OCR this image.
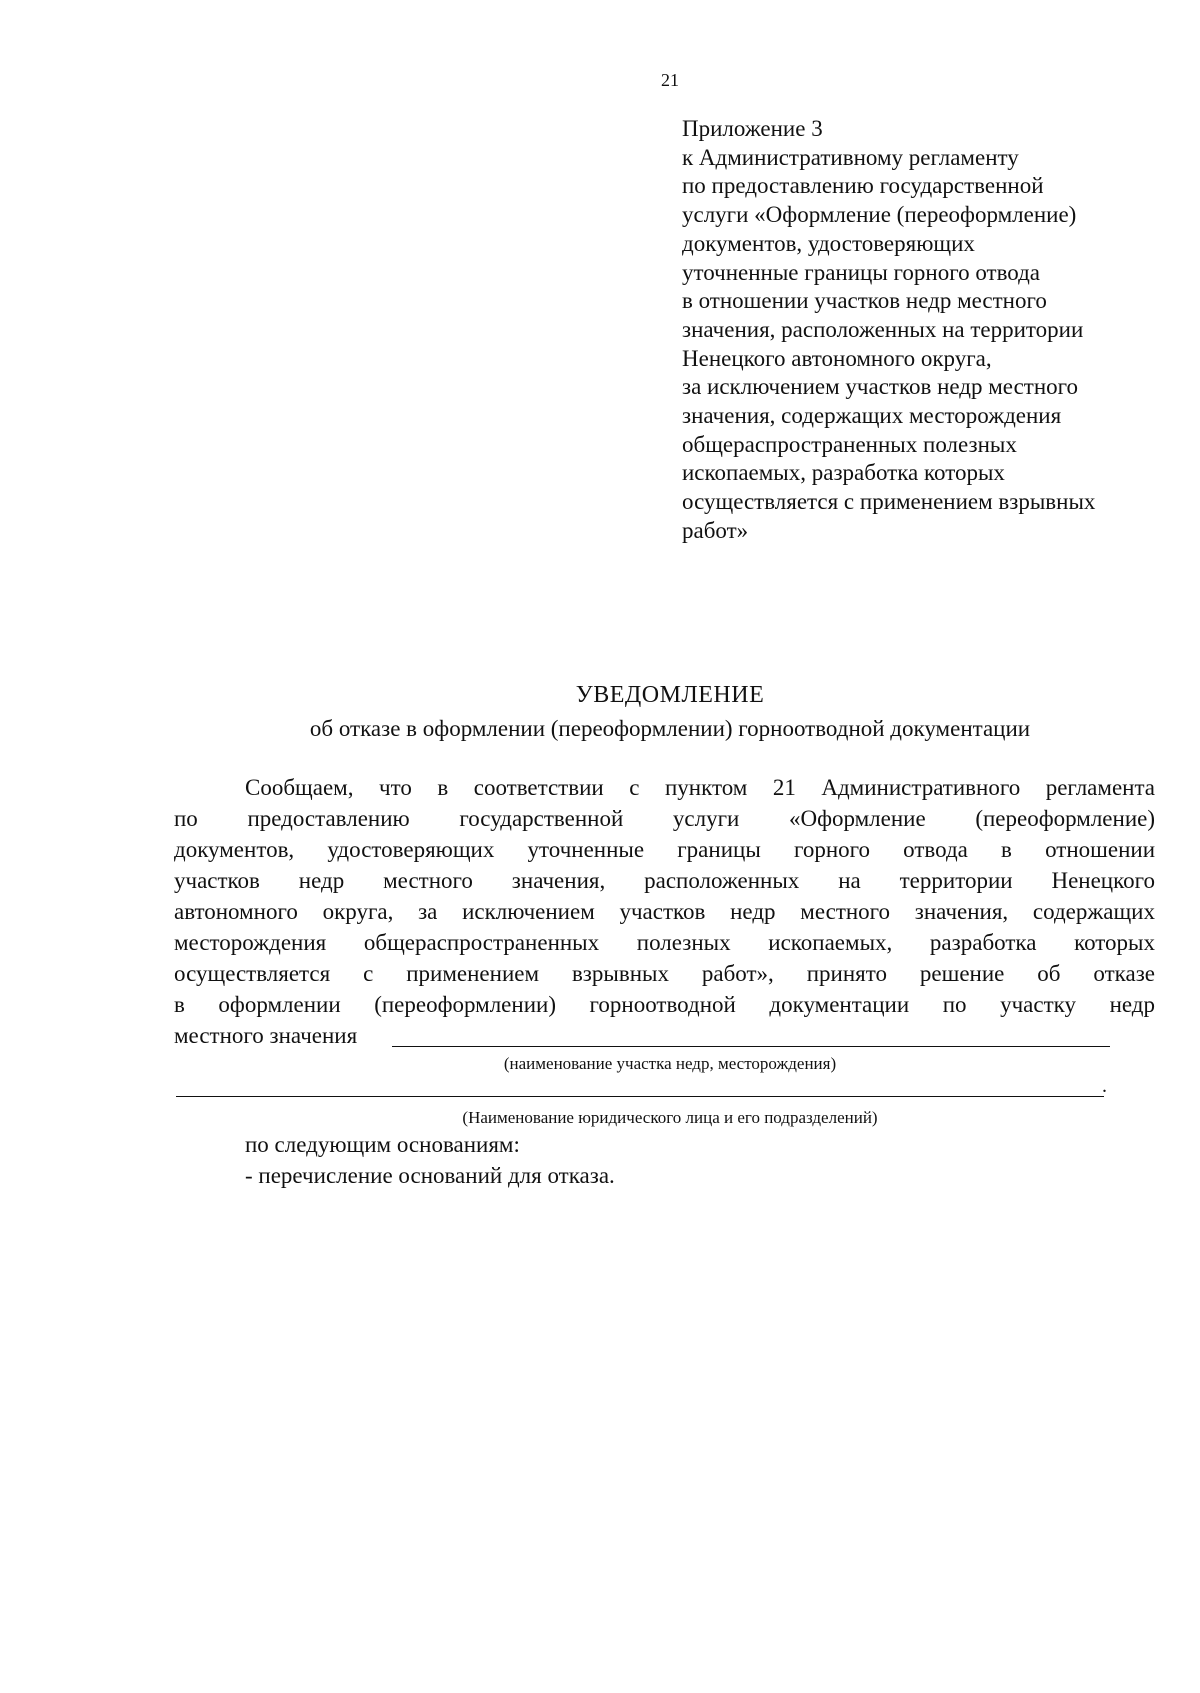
21
Приложение 3
к Административному регламенту
по предоставлению государственной
услуги «Оформление (переоформление)
документов, удостоверяющих
уточненные границы горного отвода
в отношении участков недр местного
значения, расположенных на территории
Ненецкого автономного округа,
за исключением участков недр местного
значения, содержащих месторождения
общераспространенных полезных
ископаемых, разработка которых
осуществляется с применением взрывных
работ»
УВЕДОМЛЕНИЕ
об отказе в оформлении (переоформлении) горноотводной документации
Сообщаем, что в соответствии с пунктом 21 Административного регламента
по предоставлению государственной услуги «Оформление (переоформление)
документов, удостоверяющих уточненные границы горного отвода в отношении
участков недр местного значения, расположенных на территории Ненецкого
автономного округа, за исключением участков недр местного значения, содержащих
месторождения общераспространенных полезных ископаемых, разработка которых
осуществляется с применением взрывных работ», принято решение об отказе
в оформлении (переоформлении) горноотводной документации по участку недр
местного значения
(наименование участка недр, месторождения)
.
(Наименование юридического лица и его подразделений)
по следующим основаниям:
- перечисление оснований для отказа.
